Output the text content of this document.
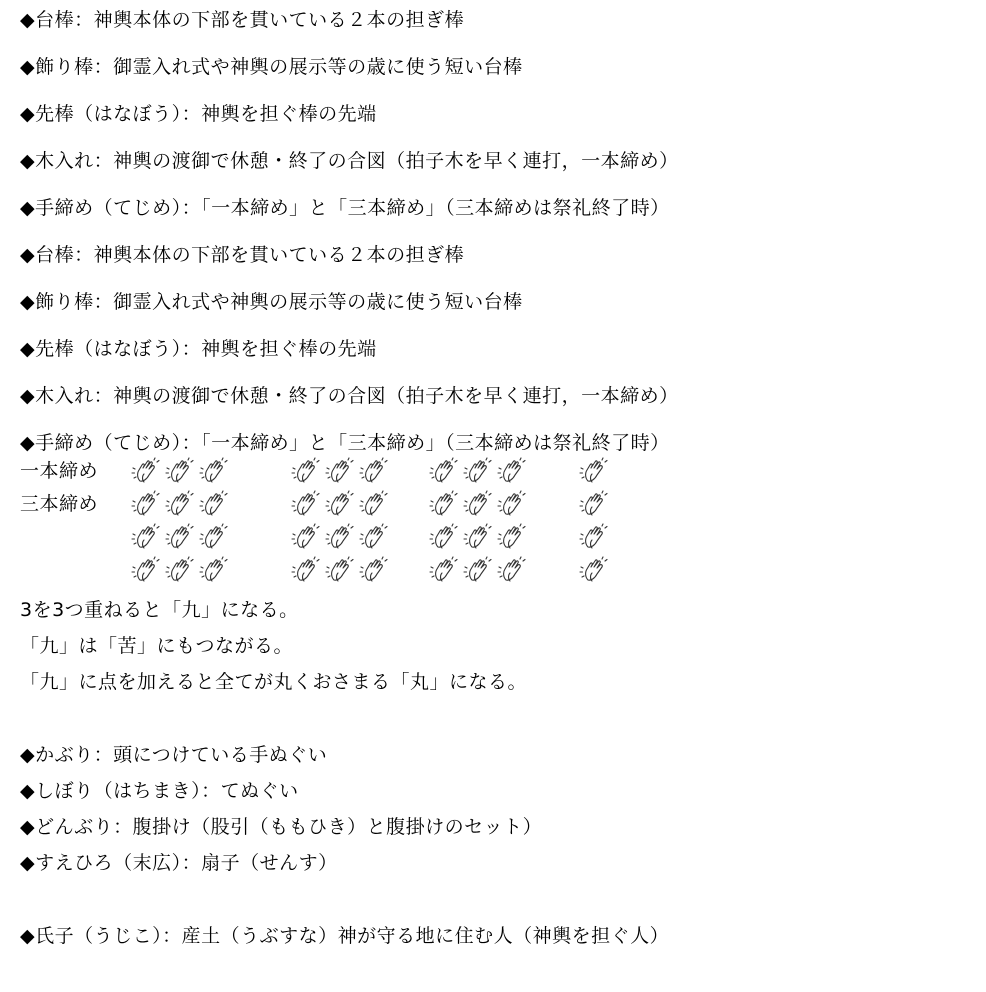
◆台棒：神輿本体の下部を貫いている２本の担ぎ棒
◆飾り棒：御霊入れ式や神輿の展示等の歳に使う短い台棒
◆先棒（はなぼう）：神輿を担ぐ棒の先端
◆木入れ：神輿の渡御で休憩・終了の合図（拍子木を早く連打，一本締め）
◆手締め（てじめ）：「一本締め」と「三本締め」（三本締めは祭礼終了時）
◆台棒：神輿本体の下部を貫いている２本の担ぎ棒
◆飾り棒：御霊入れ式や神輿の展示等の歳に使う短い台棒
◆先棒（はなぼう）：神輿を担ぐ棒の先端
◆木入れ：神輿の渡御で休憩・終了の合図（拍子木を早く連打，一本締め）
◆手締め（てじめ）：「一本締め」と「三本締め」（三本締めは祭礼終了時）
一本締め
三本締め
3を3つ重ねると「九」になる。
「九」は「苦」にもつながる。
「九」に点を加えると全てが丸くおさまる「丸」になる。
◆かぶり：頭につけている手ぬぐい
◆しぼり（はちまき）：てぬぐい
◆どんぶり：腹掛け（股引（ももひき）と腹掛けのセット）
◆すえひろ（末広）：扇子（せんす）
◆氏子（うじこ）：産土（うぶすな）神が守る地に住む人（神輿を担ぐ人）
